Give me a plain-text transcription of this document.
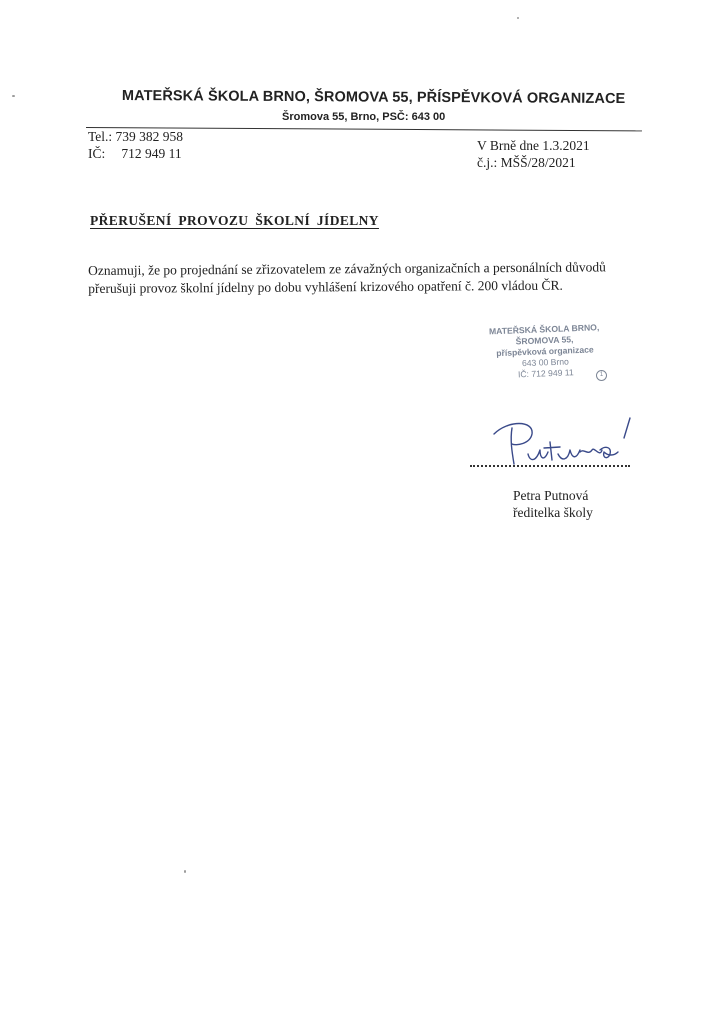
MATEŘSKÁ ŠKOLA BRNO, ŠROMOVA 55, PŘÍSPĚVKOVÁ ORGANIZACE
Šromova 55, Brno, PSČ: 643 00
Tel.: 739 382 958
IČ: 712 949 11
V Brně dne 1.3.2021
č.j.: MŠŠ/28/2021
PŘERUŠENÍ PROVOZU ŠKOLNÍ JÍDELNY

Oznamuji, že po projednání se zřizovatelem ze závažných organizačních a personálních důvodů

přerušuji provoz školní jídelny po dobu vyhlášení krizového opatření č. 200 vládou ČR.

MATEŘSKÁ ŠKOLA BRNO,
ŠROMOVA 55,
příspěvková organizace
643 00 Brno
IČ: 712 949 11	1
Petra Putnová
ředitelka školy
